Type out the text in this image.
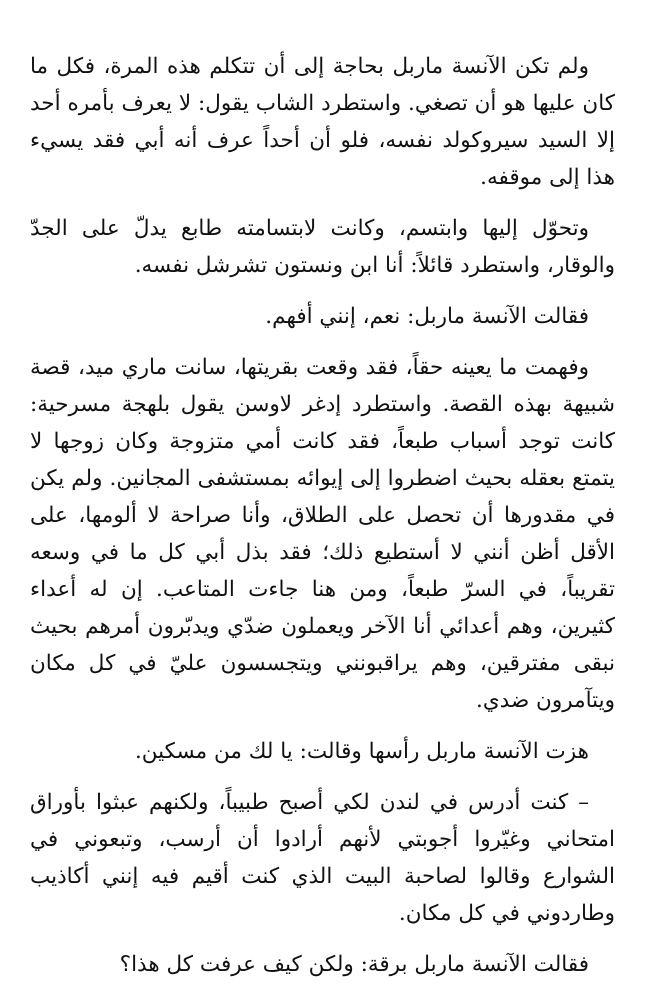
ولم تكن الآنسة ماربل بحاجة إلى أن تتكلم هذه المرة، فكل ما كان عليها هو أن تصغي. واستطرد الشاب يقول: لا يعرف بأمره أحد إلا السيد سيروكولد نفسه، فلو أن أحداً عرف أنه أبي فقد يسيء هذا إلى موقفه.

وتحوّل إليها وابتسم، وكانت لابتسامته طابع يدلّ على الجدّ والوقار، واستطرد قائلاً: أنا ابن ونستون تشرشل نفسه.

فقالت الآنسة ماربل: نعم، إنني أفهم.

وفهمت ما يعينه حقاً، فقد وقعت بقريتها، سانت ماري ميد، قصة شبيهة بهذه القصة. واستطرد إدغر لاوسن يقول بلهجة مسرحية: كانت توجد أسباب طبعاً، فقد كانت أمي متزوجة وكان زوجها لا يتمتع بعقله بحيث اضطروا إلى إيوائه بمستشفى المجانين. ولم يكن في مقدورها أن تحصل على الطلاق، وأنا صراحة لا ألومها، على الأقل أظن أنني لا أستطيع ذلك؛ فقد بذل أبي كل ما في وسعه تقريباً، في السرّ طبعاً، ومن هنا جاءت المتاعب. إن له أعداء كثيرين، وهم أعدائي أنا الآخر ويعملون ضدّي ويدبّرون أمرهم بحيث نبقى مفترقين، وهم يراقبونني ويتجسسون عليّ في كل مكان ويتآمرون ضدي.

هزت الآنسة ماربل رأسها وقالت: يا لك من مسكين.

– كنت أدرس في لندن لكي أصبح طبيباً، ولكنهم عبثوا بأوراق امتحاني وغيّروا أجوبتي لأنهم أرادوا أن أرسب، وتبعوني في الشوارع وقالوا لصاحبة البيت الذي كنت أقيم فيه إنني أكاذيب وطاردوني في كل مكان.

فقالت الآنسة ماربل برقة: ولكن كيف عرفت كل هذا؟
